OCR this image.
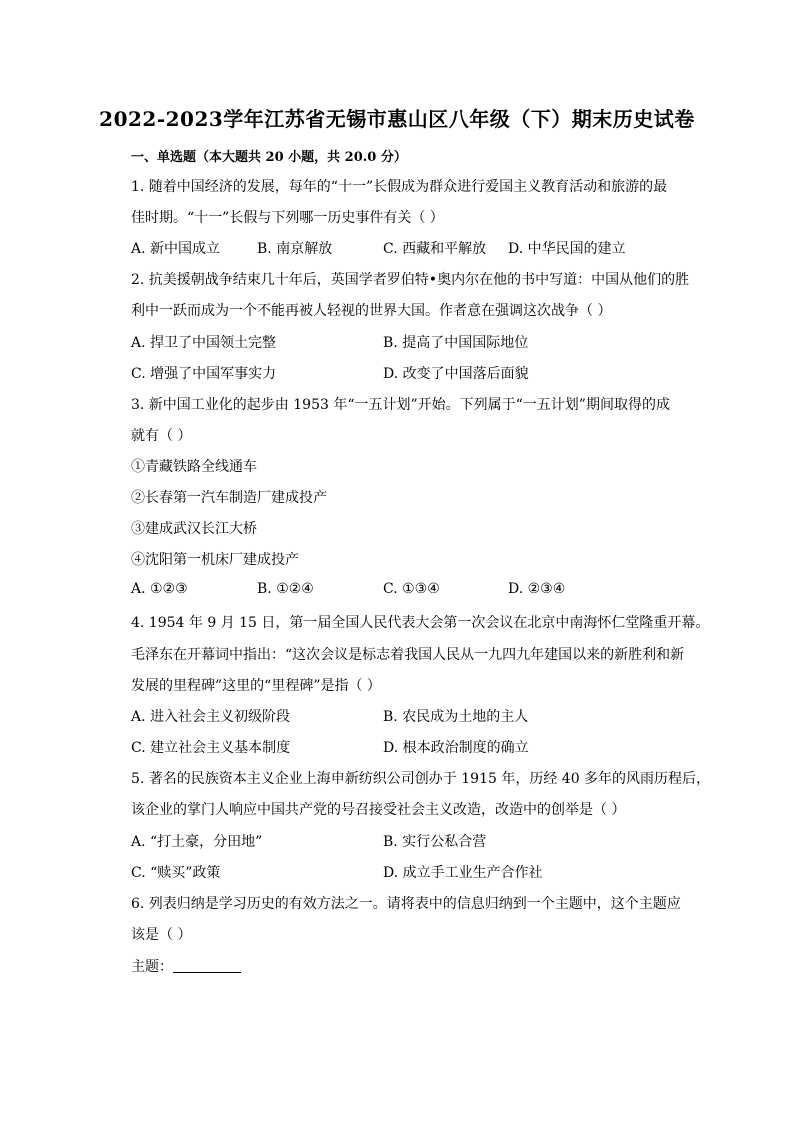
2022-2023学年江苏省无锡市惠山区八年级（下）期末历史试卷
一、单选题（本大题共 20 小题，共 20.0 分）
1. 随着中国经济的发展，每年的“十一”长假成为群众进行爱国主义教育活动和旅游的最
佳时期。“十一”长假与下列哪一历史事件有关（ ）
A. 新中国成立	B. 南京解放	C. 西藏和平解放 D. 中华民国的建立
2. 抗美援朝战争结束几十年后，英国学者罗伯特•奥内尔在他的书中写道：中国从他们的胜
利中一跃而成为一个不能再被人轻视的世界大国。作者意在强调这次战争（ ）
A. 捍卫了中国领土完整	B. 提高了中国国际地位
C. 增强了中国军事实力	D. 改变了中国落后面貌
3. 新中国工业化的起步由 1953 年“一五计划”开始。下列属于“一五计划”期间取得的成
就有（ ）
①青藏铁路全线通车
②长春第一汽车制造厂建成投产
③建成武汉长江大桥
④沈阳第一机床厂建成投产
A. ①②③	B. ①②④	C. ①③④	D. ②③④
4. 1954 年 9 月 15 日，第一届全国人民代表大会第一次会议在北京中南海怀仁堂隆重开幕。
毛泽东在开幕词中指出：“这次会议是标志着我国人民从一九四九年建国以来的新胜利和新
发展的里程碑”这里的“里程碑”是指（ ）
A. 进入社会主义初级阶段	B. 农民成为土地的主人
C. 建立社会主义基本制度	D. 根本政治制度的确立
5. 著名的民族资本主义企业上海申新纺织公司创办于 1915 年，历经 40 多年的风雨历程后，
该企业的掌门人响应中国共产党的号召接受社会主义改造，改造中的创举是（ ）
A. “打土豪，分田地”	B. 实行公私合营
C. “赎买”政策	D. 成立手工业生产合作社
6. 列表归纳是学习历史的有效方法之一。请将表中的信息归纳到一个主题中，这个主题应
该是（ ）
主题：
